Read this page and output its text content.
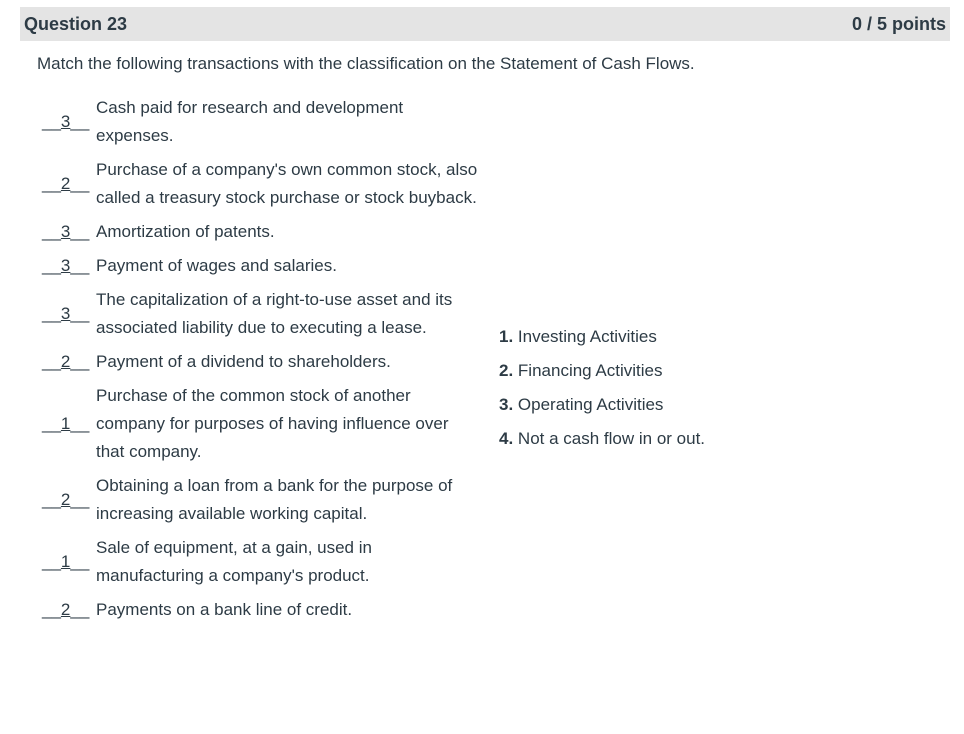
Question 23	0 / 5 points
Match the following transactions with the classification on the Statement of Cash Flows.
__3__
Cash paid for research and development expenses.
__2__
Purchase of a company's own common stock, also called a treasury stock purchase or stock buyback.
__3__ Amortization of patents.
__3__ Payment of wages and salaries.
__3__
The capitalization of a right-to-use asset and its associated liability due to executing a lease.
__2__ Payment of a dividend to shareholders.
__1__
Purchase of the common stock of another company for purposes of having influence over that company.
__2__
Obtaining a loan from a bank for the purpose of increasing available working capital.
__1__
Sale of equipment, at a gain, used in manufacturing a company's product.
__2__ Payments on a bank line of credit.
1. Investing Activities
2. Financing Activities
3. Operating Activities
4. Not a cash flow in or out.
